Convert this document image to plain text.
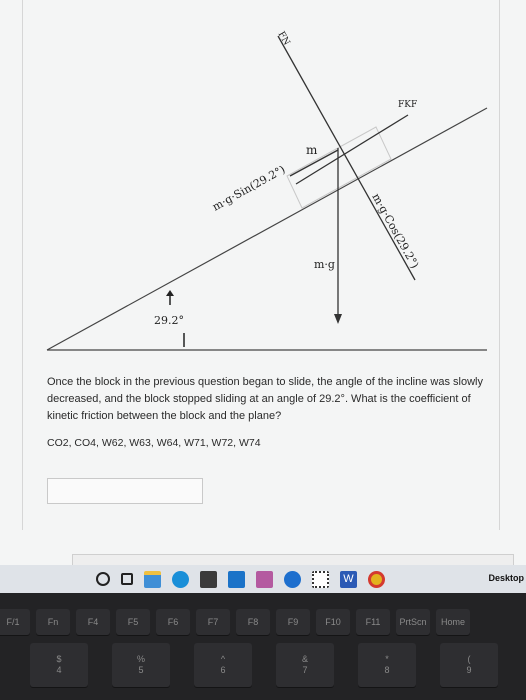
FN
FKF
m
m·g·Sin(29.2°)
m·g	m·g·Cos(29.2°)
29.2°
Once the block in the previous question began to slide, the angle of the incline was slowly decreased, and the block stopped sliding at an angle of 29.2°. What is the coefficient of kinetic friction between the block and the plane?
CO2, CO4, W62, W63, W64, W71, W72, W74
W	Desktop
F/1	Fn	F4	F5	F6	F7	F8	F9	F10	F11 PrtScn Home
$
4
%
5
^
6
&
7
*
8
(
9
